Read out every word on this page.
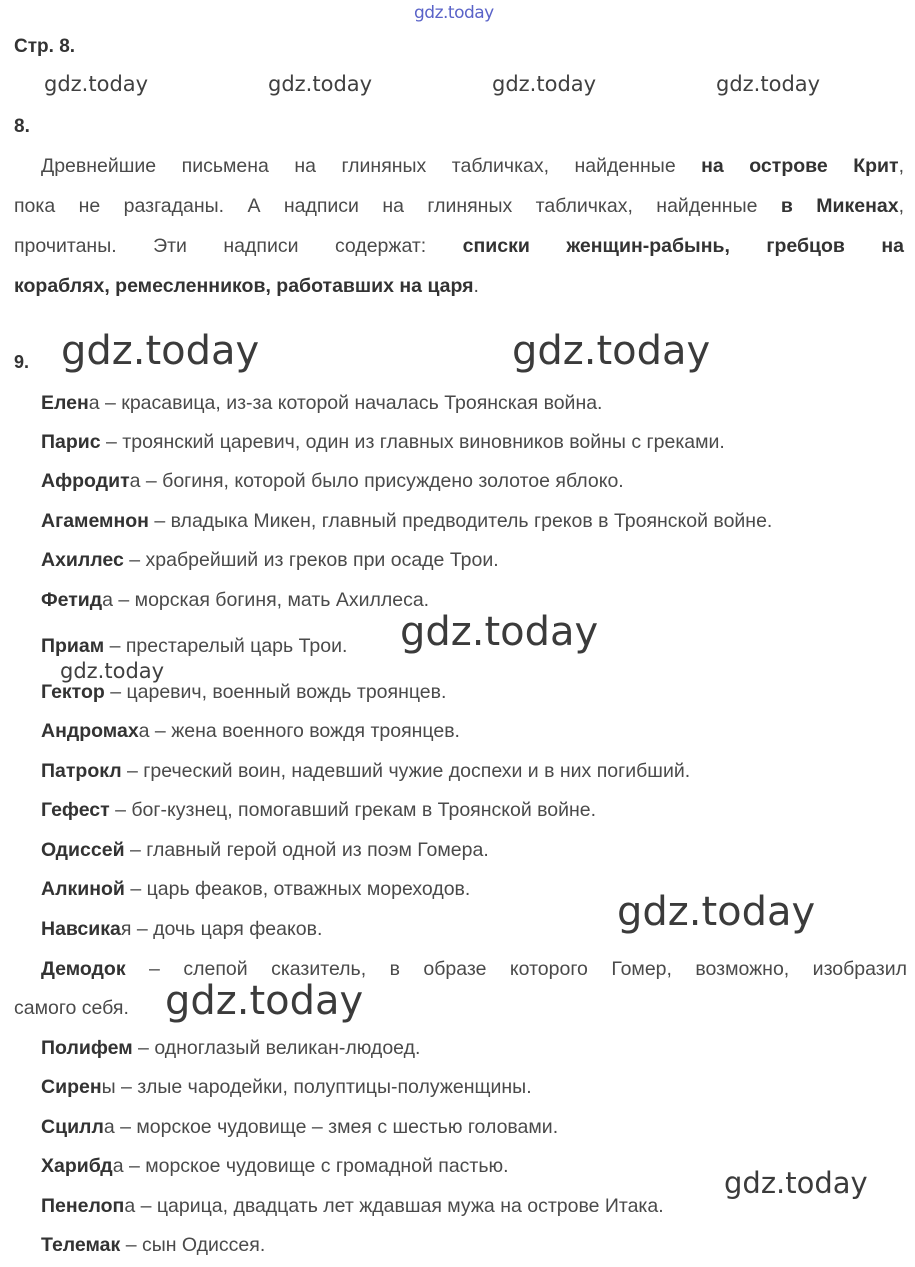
gdz.today
gdz.today	gdz.today	gdz.today	gdz.today
gdz.today	gdz.today
gdz.today
gdz.today
gdz.today
gdz.today
gdz.today
Стр. 8.
8.
Древнейшие письмена на глиняных табличках, найденные на острове Крит,
пока не разгаданы. А надписи на глиняных табличках, найденные в Микенах,
прочитаны. Эти надписи содержат: списки женщин-рабынь, гребцов на
кораблях, ремесленников, работавших на царя.
9.
Елена – красавица, из-за которой началась Троянская война.
Парис – троянский царевич, один из главных виновников войны с греками.
Афродита – богиня, которой было присуждено золотое яблоко.
Агамемнон – владыка Микен, главный предводитель греков в Троянской войне.
Ахиллес – храбрейший из греков при осаде Трои.
Фетида – морская богиня, мать Ахиллеса.
Приам – престарелый царь Трои.
Гектор – царевич, военный вождь троянцев.
Андромаха – жена военного вождя троянцев.
Патрокл – греческий воин, надевший чужие доспехи и в них погибший.
Гефест – бог-кузнец, помогавший грекам в Троянской войне.
Одиссей – главный герой одной из поэм Гомера.
Алкиной – царь феаков, отважных мореходов.
Навсикая – дочь царя феаков.
Демодок – слепой сказитель, в образе которого Гомер, возможно, изобразил
самого себя.
Полифем – одноглазый великан-людоед.
Сирены – злые чародейки, полуптицы-полуженщины.
Сцилла – морское чудовище – змея с шестью головами.
Харибда – морское чудовище с громадной пастью.
Пенелопа – царица, двадцать лет ждавшая мужа на острове Итака.
Телемак – сын Одиссея.
